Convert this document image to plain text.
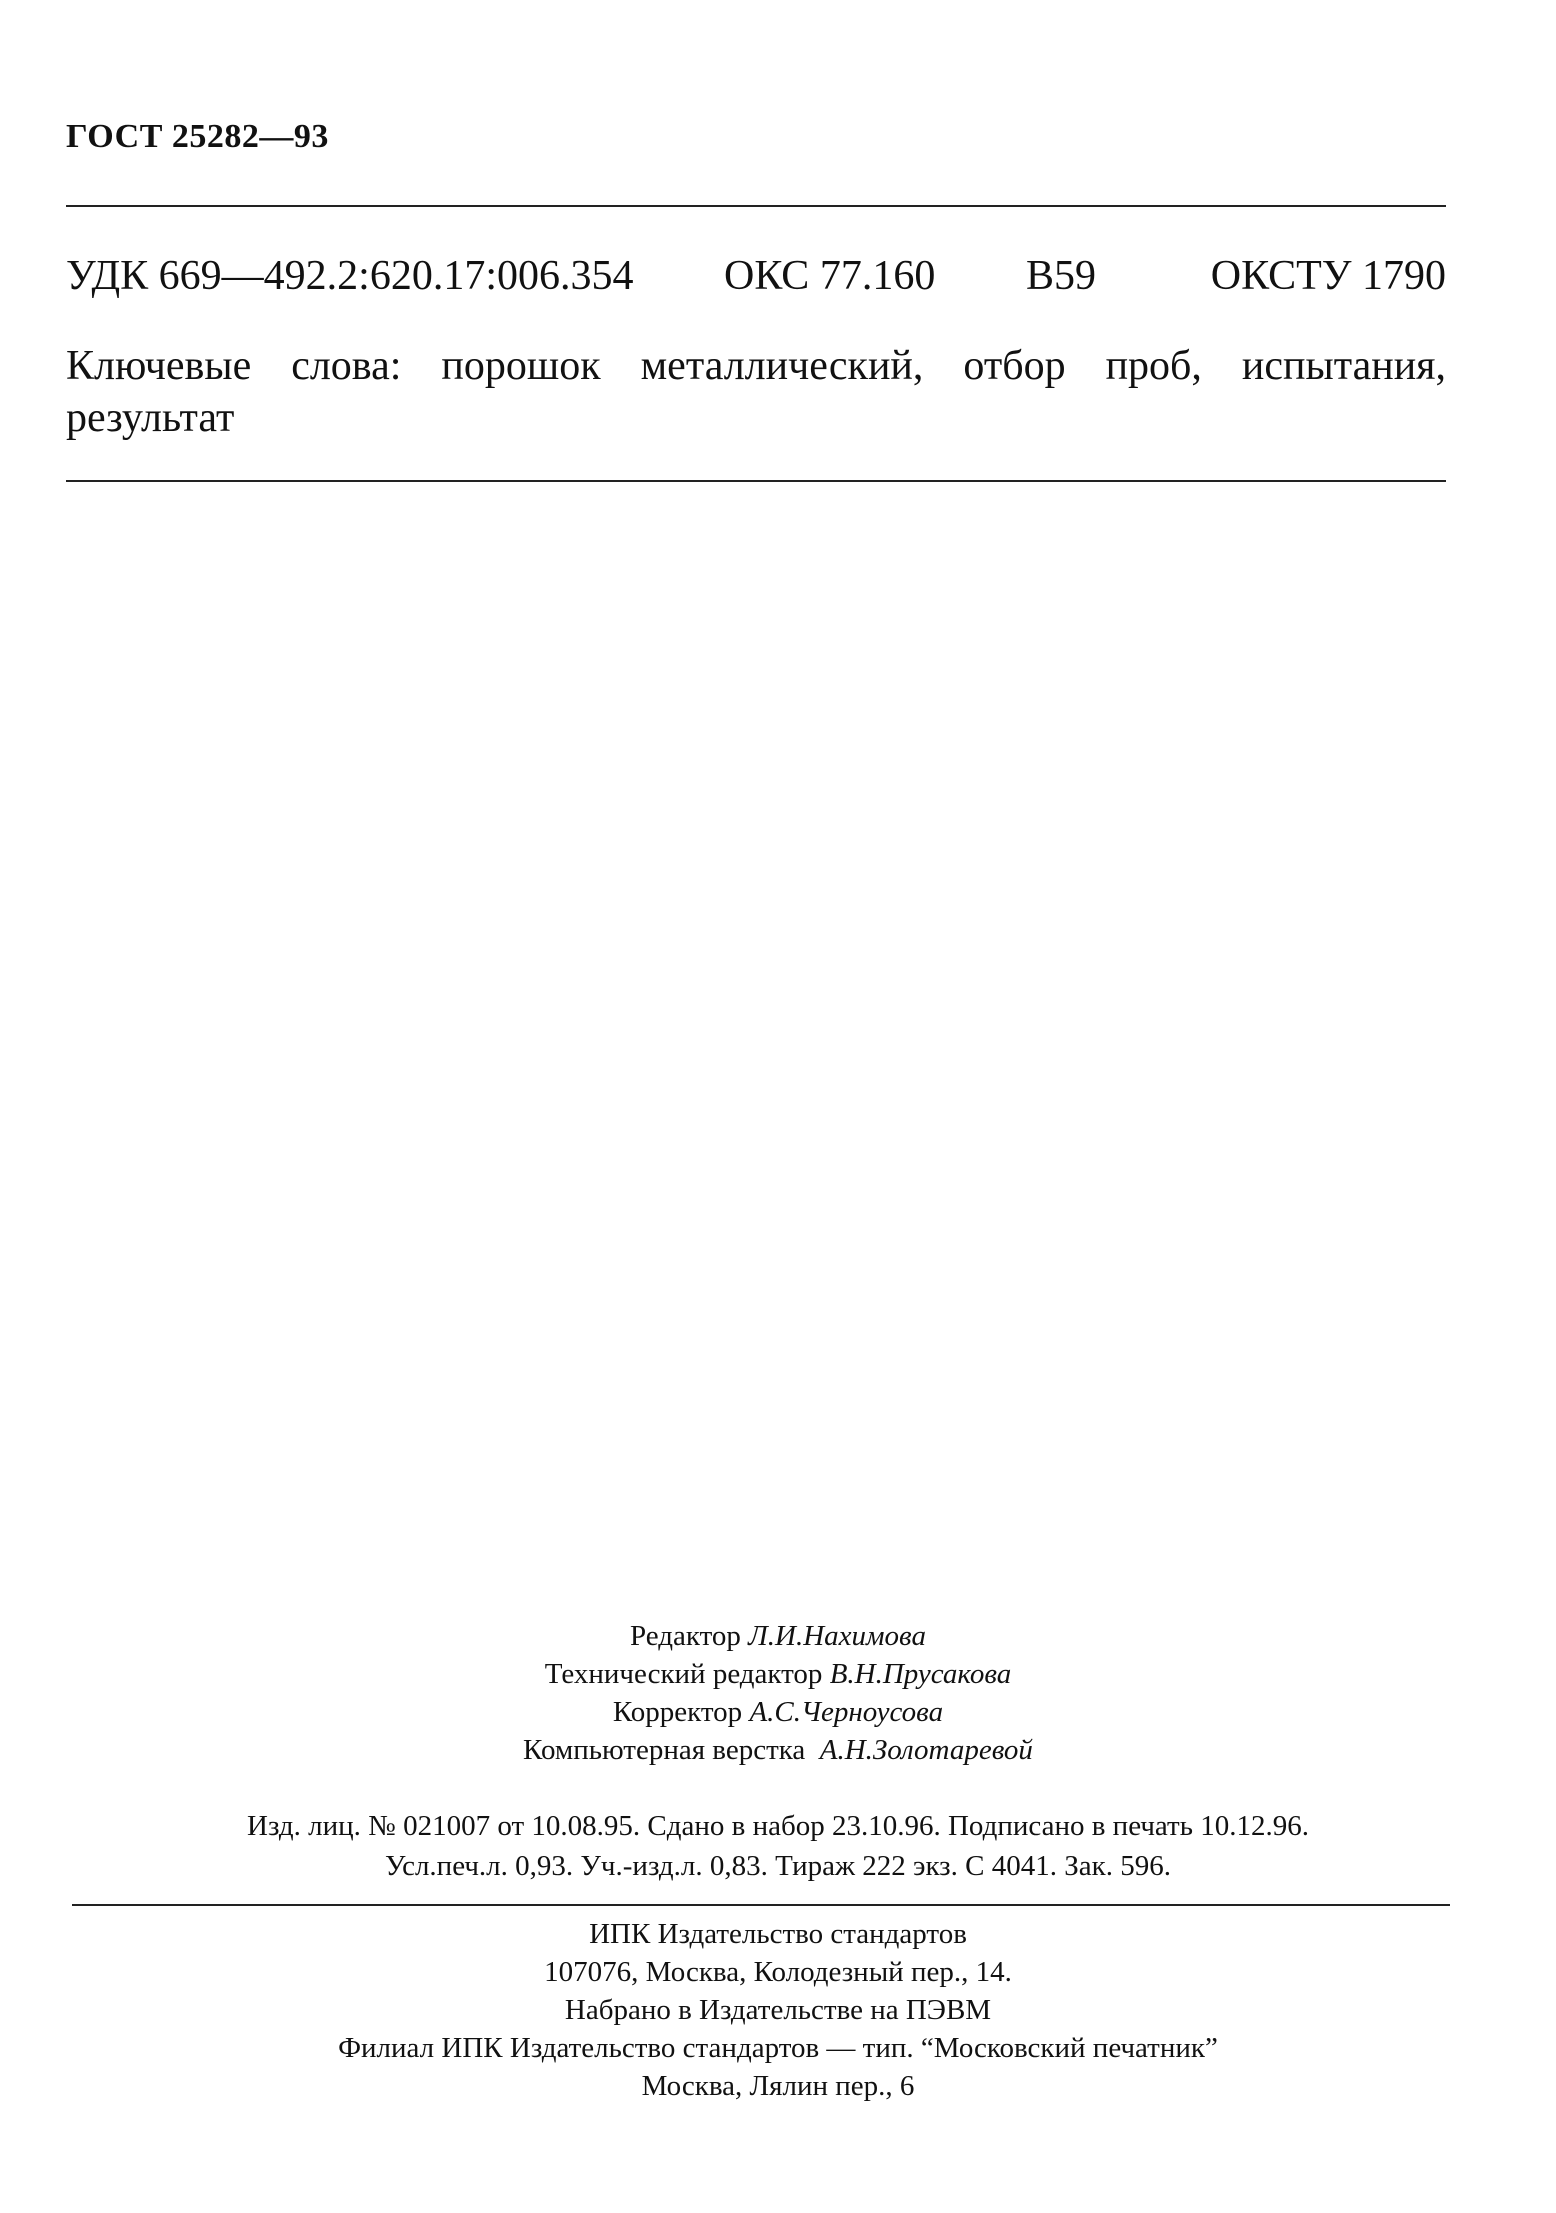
ГОСТ 25282—93
УДК 669—492.2:620.17:006.354 ОКС 77.160 B59	ОКСТУ 1790
Ключевые слова: порошок металлический, отбор проб, испытания, результат
Редактор Л.И.Нахимова
Технический редактор В.Н.Прусакова
Корректор А.С.Черноусова
Компьютерная верстка А.Н.Золотаревой
Изд. лиц. № 021007 от 10.08.95. Сдано в набор 23.10.96. Подписано в печать 10.12.96.
Усл.печ.л. 0,93. Уч.-изд.л. 0,83. Тираж 222 экз. С 4041. Зак. 596.
ИПК Издательство стандартов
107076, Москва, Колодезный пер., 14.
Набрано в Издательстве на ПЭВМ
Филиал ИПК Издательство стандартов — тип. “Московский печатник”
Москва, Лялин пер., 6
